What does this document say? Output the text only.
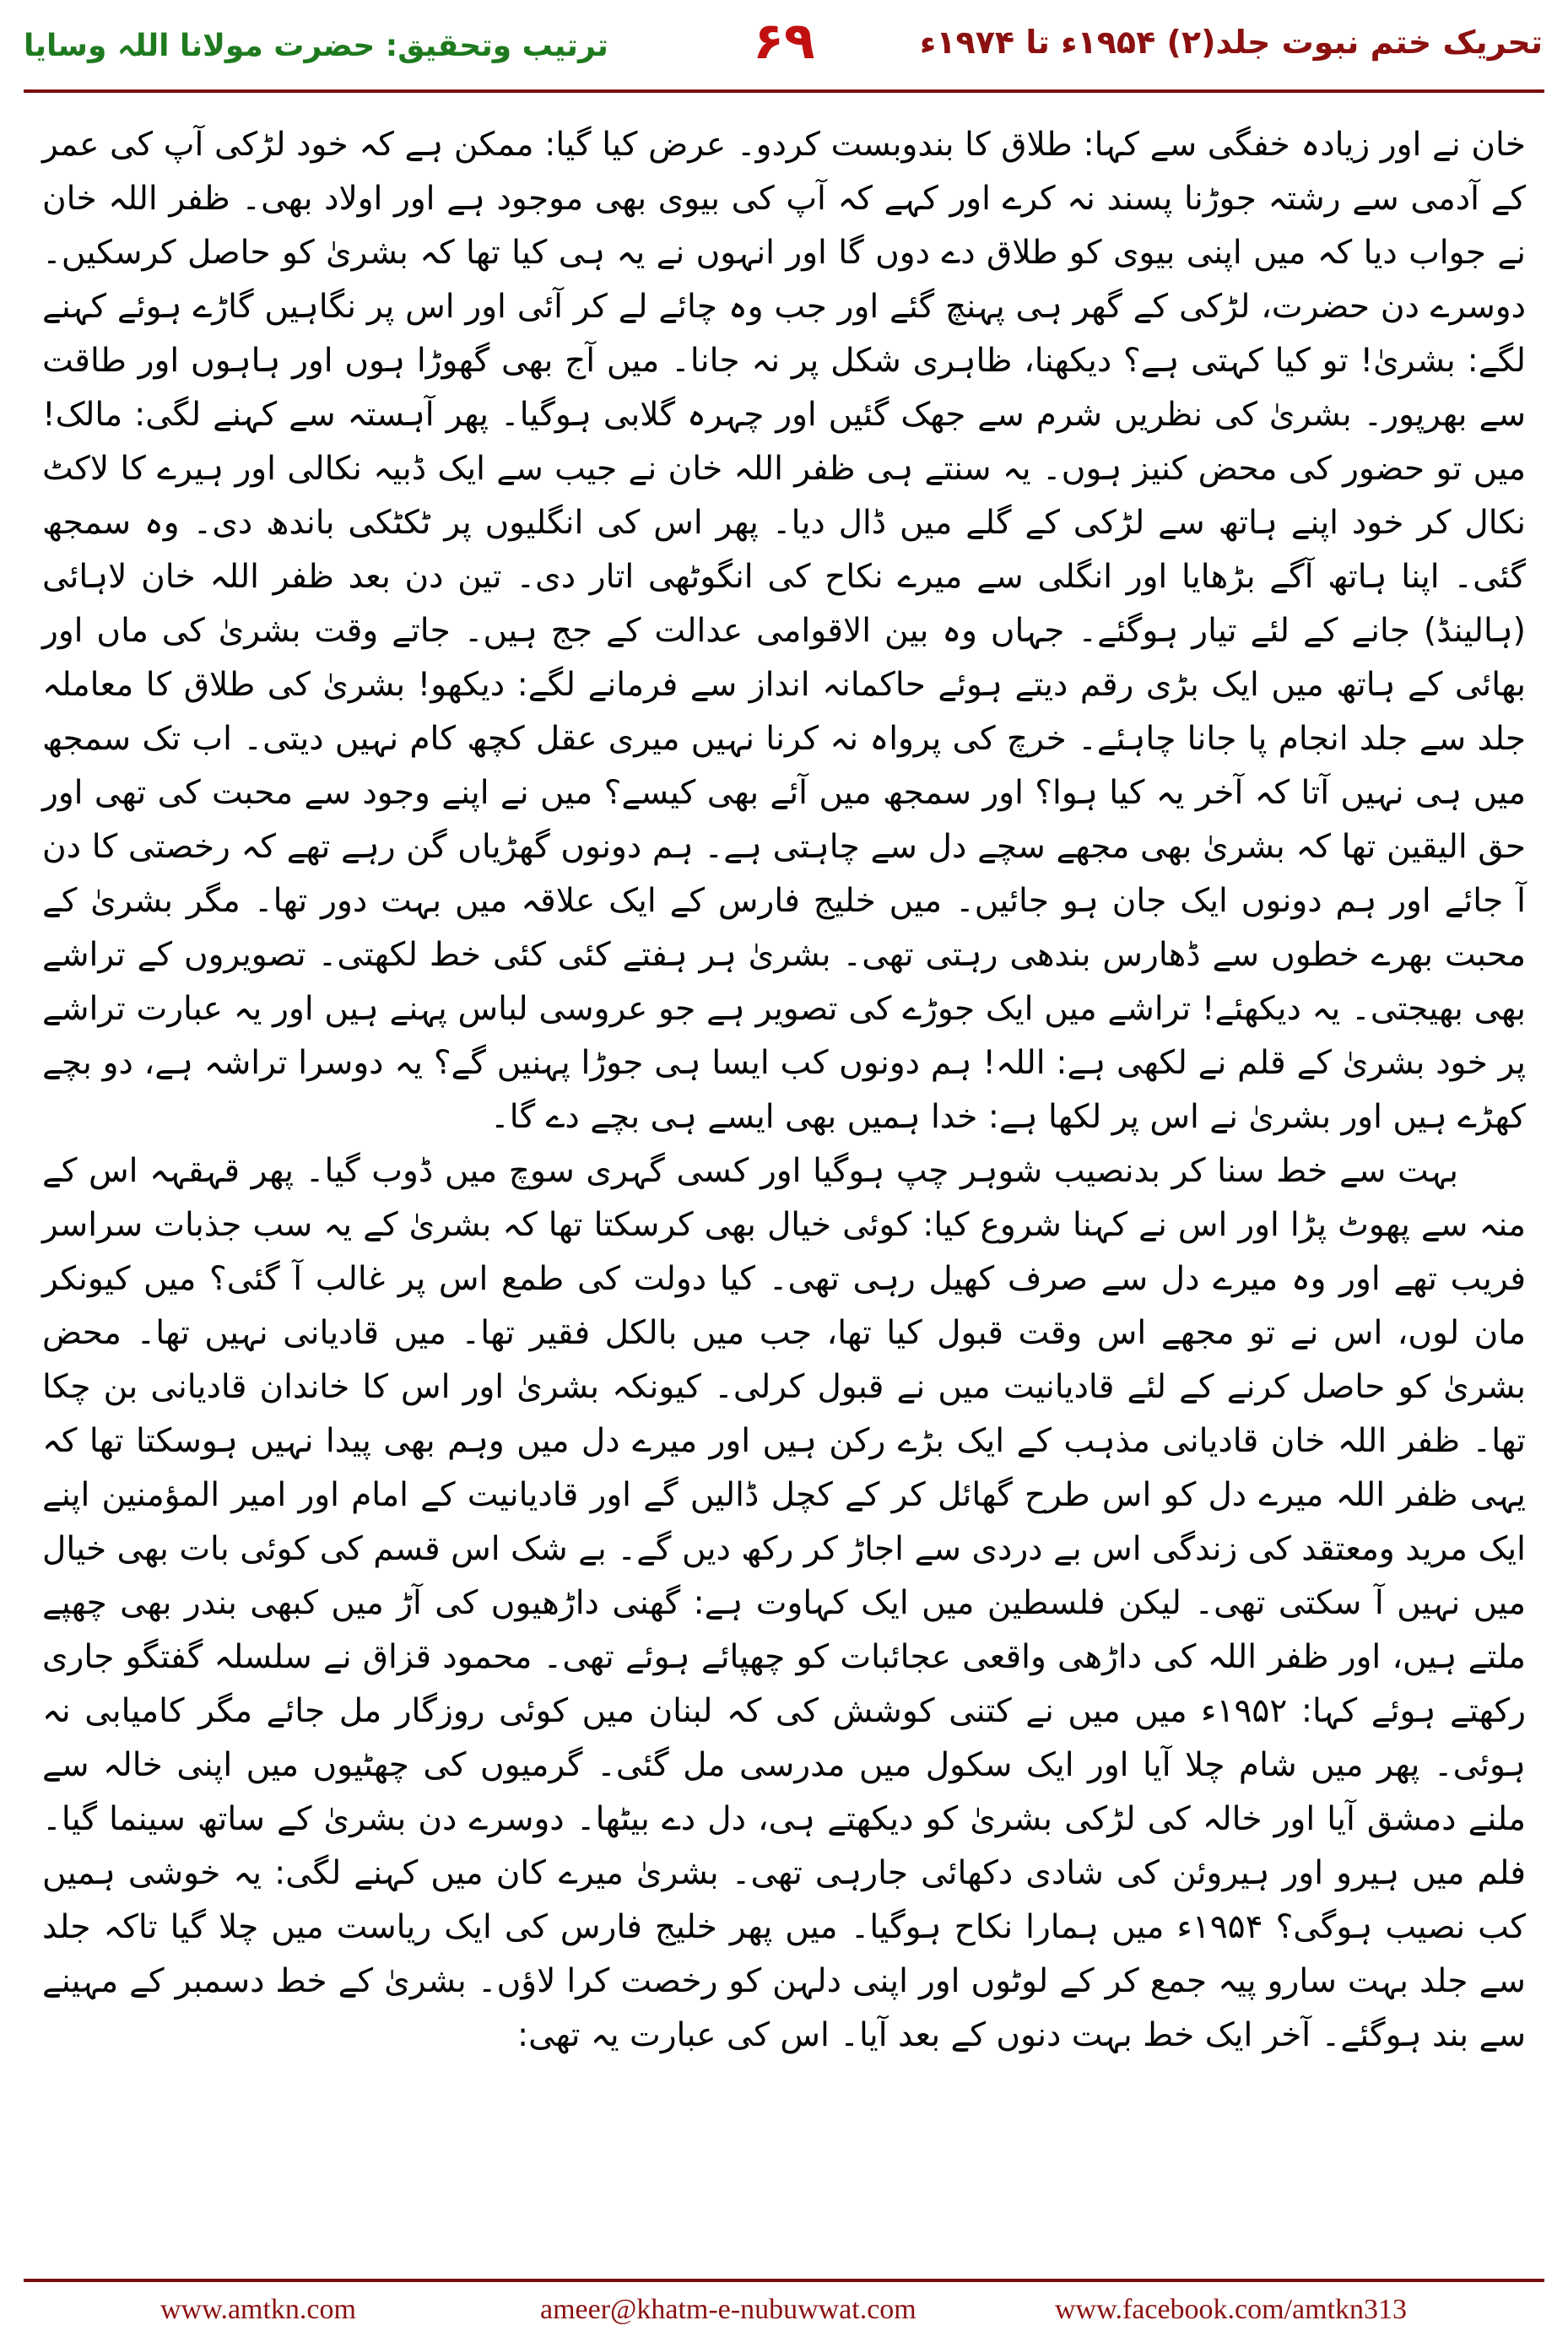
تحریک ختم نبوت جلد(۲) ۱۹۵۴ء تا ۱۹۷۴ء
۶۹
ترتیب وتحقیق: حضرت مولانا اللہ وسایا

خان نے اور زیادہ خفگی سے کہا: طلاق کا بندوبست کردو۔ عرض کیا گیا: ممکن ہے کہ خود لڑکی آپ کی عمر کے آدمی سے رشتہ جوڑنا پسند نہ کرے اور کہے کہ آپ کی بیوی بھی موجود ہے اور اولاد بھی۔ ظفر اللہ خان نے جواب دیا کہ میں اپنی بیوی کو طلاق دے دوں گا اور انہوں نے یہ ہی کیا تھا کہ بشریٰ کو حاصل کرسکیں۔ دوسرے دن حضرت، لڑکی کے گھر ہی پہنچ گئے اور جب وہ چائے لے کر آئی اور اس پر نگاہیں گاڑے ہوئے کہنے لگے: بشریٰ! تو کیا کہتی ہے؟ دیکھنا، ظاہری شکل پر نہ جانا۔ میں آج بھی گھوڑا ہوں اور ہاہوں اور طاقت سے بھرپور۔ بشریٰ کی نظریں شرم سے جھک گئیں اور چہرہ گلابی ہوگیا۔ پھر آہستہ سے کہنے لگی: مالک! میں تو حضور کی محض کنیز ہوں۔ یہ سنتے ہی ظفر اللہ خان نے جیب سے ایک ڈبیہ نکالی اور ہیرے کا لاکٹ نکال کر خود اپنے ہاتھ سے لڑکی کے گلے میں ڈال دیا۔ پھر اس کی انگلیوں پر ٹکٹکی باندھ دی۔ وہ سمجھ گئی۔ اپنا ہاتھ آگے بڑھایا اور انگلی سے میرے نکاح کی انگوٹھی اتار دی۔ تین دن بعد ظفر اللہ خان لاہائی (ہالینڈ) جانے کے لئے تیار ہوگئے۔ جہاں وہ بین الاقوامی عدالت کے جج ہیں۔ جاتے وقت بشریٰ کی ماں اور بھائی کے ہاتھ میں ایک بڑی رقم دیتے ہوئے حاکمانہ انداز سے فرمانے لگے: دیکھو! بشریٰ کی طلاق کا معاملہ جلد سے جلد انجام پا جانا چاہئے۔ خرچ کی پرواہ نہ کرنا نہیں میری عقل کچھ کام نہیں دیتی۔ اب تک سمجھ میں ہی نہیں آتا کہ آخر یہ کیا ہوا؟ اور سمجھ میں آئے بھی کیسے؟ میں نے اپنے وجود سے محبت کی تھی اور حق الیقین تھا کہ بشریٰ بھی مجھے سچے دل سے چاہتی ہے۔ ہم دونوں گھڑیاں گن رہے تھے کہ رخصتی کا دن آ جائے اور ہم دونوں ایک جان ہو جائیں۔ میں خلیج فارس کے ایک علاقہ میں بہت دور تھا۔ مگر بشریٰ کے محبت بھرے خطوں سے ڈھارس بندھی رہتی تھی۔ بشریٰ ہر ہفتے کئی کئی خط لکھتی۔ تصویروں کے تراشے بھی بھیجتی۔ یہ دیکھئے! تراشے میں ایک جوڑے کی تصویر ہے جو عروسی لباس پہنے ہیں اور یہ عبارت تراشے پر خود بشریٰ کے قلم نے لکھی ہے: اللہ! ہم دونوں کب ایسا ہی جوڑا پہنیں گے؟ یہ دوسرا تراشہ ہے، دو بچے کھڑے ہیں اور بشریٰ نے اس پر لکھا ہے: خدا ہمیں بھی ایسے ہی بچے دے گا۔

بہت سے خط سنا کر بدنصیب شوہر چپ ہوگیا اور کسی گہری سوچ میں ڈوب گیا۔ پھر قہقہہ اس کے منہ سے پھوٹ پڑا اور اس نے کہنا شروع کیا: کوئی خیال بھی کرسکتا تھا کہ بشریٰ کے یہ سب جذبات سراسر فریب تھے اور وہ میرے دل سے صرف کھیل رہی تھی۔ کیا دولت کی طمع اس پر غالب آ گئی؟ میں کیونکر مان لوں، اس نے تو مجھے اس وقت قبول کیا تھا، جب میں بالکل فقیر تھا۔ میں قادیانی نہیں تھا۔ محض بشریٰ کو حاصل کرنے کے لئے قادیانیت میں نے قبول کرلی۔ کیونکہ بشریٰ اور اس کا خاندان قادیانی بن چکا تھا۔ ظفر اللہ خان قادیانی مذہب کے ایک بڑے رکن ہیں اور میرے دل میں وہم بھی پیدا نہیں ہوسکتا تھا کہ یہی ظفر اللہ میرے دل کو اس طرح گھائل کر کے کچل ڈالیں گے اور قادیانیت کے امام اور امیر المؤمنین اپنے ایک مرید ومعتقد کی زندگی اس بے دردی سے اجاڑ کر رکھ دیں گے۔ بے شک اس قسم کی کوئی بات بھی خیال میں نہیں آ سکتی تھی۔ لیکن فلسطین میں ایک کہاوت ہے: گھنی داڑھیوں کی آڑ میں کبھی بندر بھی چھپے ملتے ہیں، اور ظفر اللہ کی داڑھی واقعی عجائبات کو چھپائے ہوئے تھی۔ محمود قزاق نے سلسلہ گفتگو جاری رکھتے ہوئے کہا: ۱۹۵۲ء میں میں نے کتنی کوشش کی کہ لبنان میں کوئی روزگار مل جائے مگر کامیابی نہ ہوئی۔ پھر میں شام چلا آیا اور ایک سکول میں مدرسی مل گئی۔ گرمیوں کی چھٹیوں میں اپنی خالہ سے ملنے دمشق آیا اور خالہ کی لڑکی بشریٰ کو دیکھتے ہی، دل دے بیٹھا۔ دوسرے دن بشریٰ کے ساتھ سینما گیا۔ فلم میں ہیرو اور ہیروئن کی شادی دکھائی جارہی تھی۔ بشریٰ میرے کان میں کہنے لگی: یہ خوشی ہمیں کب نصیب ہوگی؟ ۱۹۵۴ء میں ہمارا نکاح ہوگیا۔ میں پھر خلیج فارس کی ایک ریاست میں چلا گیا تاکہ جلد سے جلد بہت سارو پیہ جمع کر کے لوٹوں اور اپنی دلہن کو رخصت کرا لاؤں۔ بشریٰ کے خط دسمبر کے مہینے سے بند ہوگئے۔ آخر ایک خط بہت دنوں کے بعد آیا۔ اس کی عبارت یہ تھی:

www.amtkn.com	ameer@khatm-e-nubuwwat.com	www.facebook.com/amtkn313
